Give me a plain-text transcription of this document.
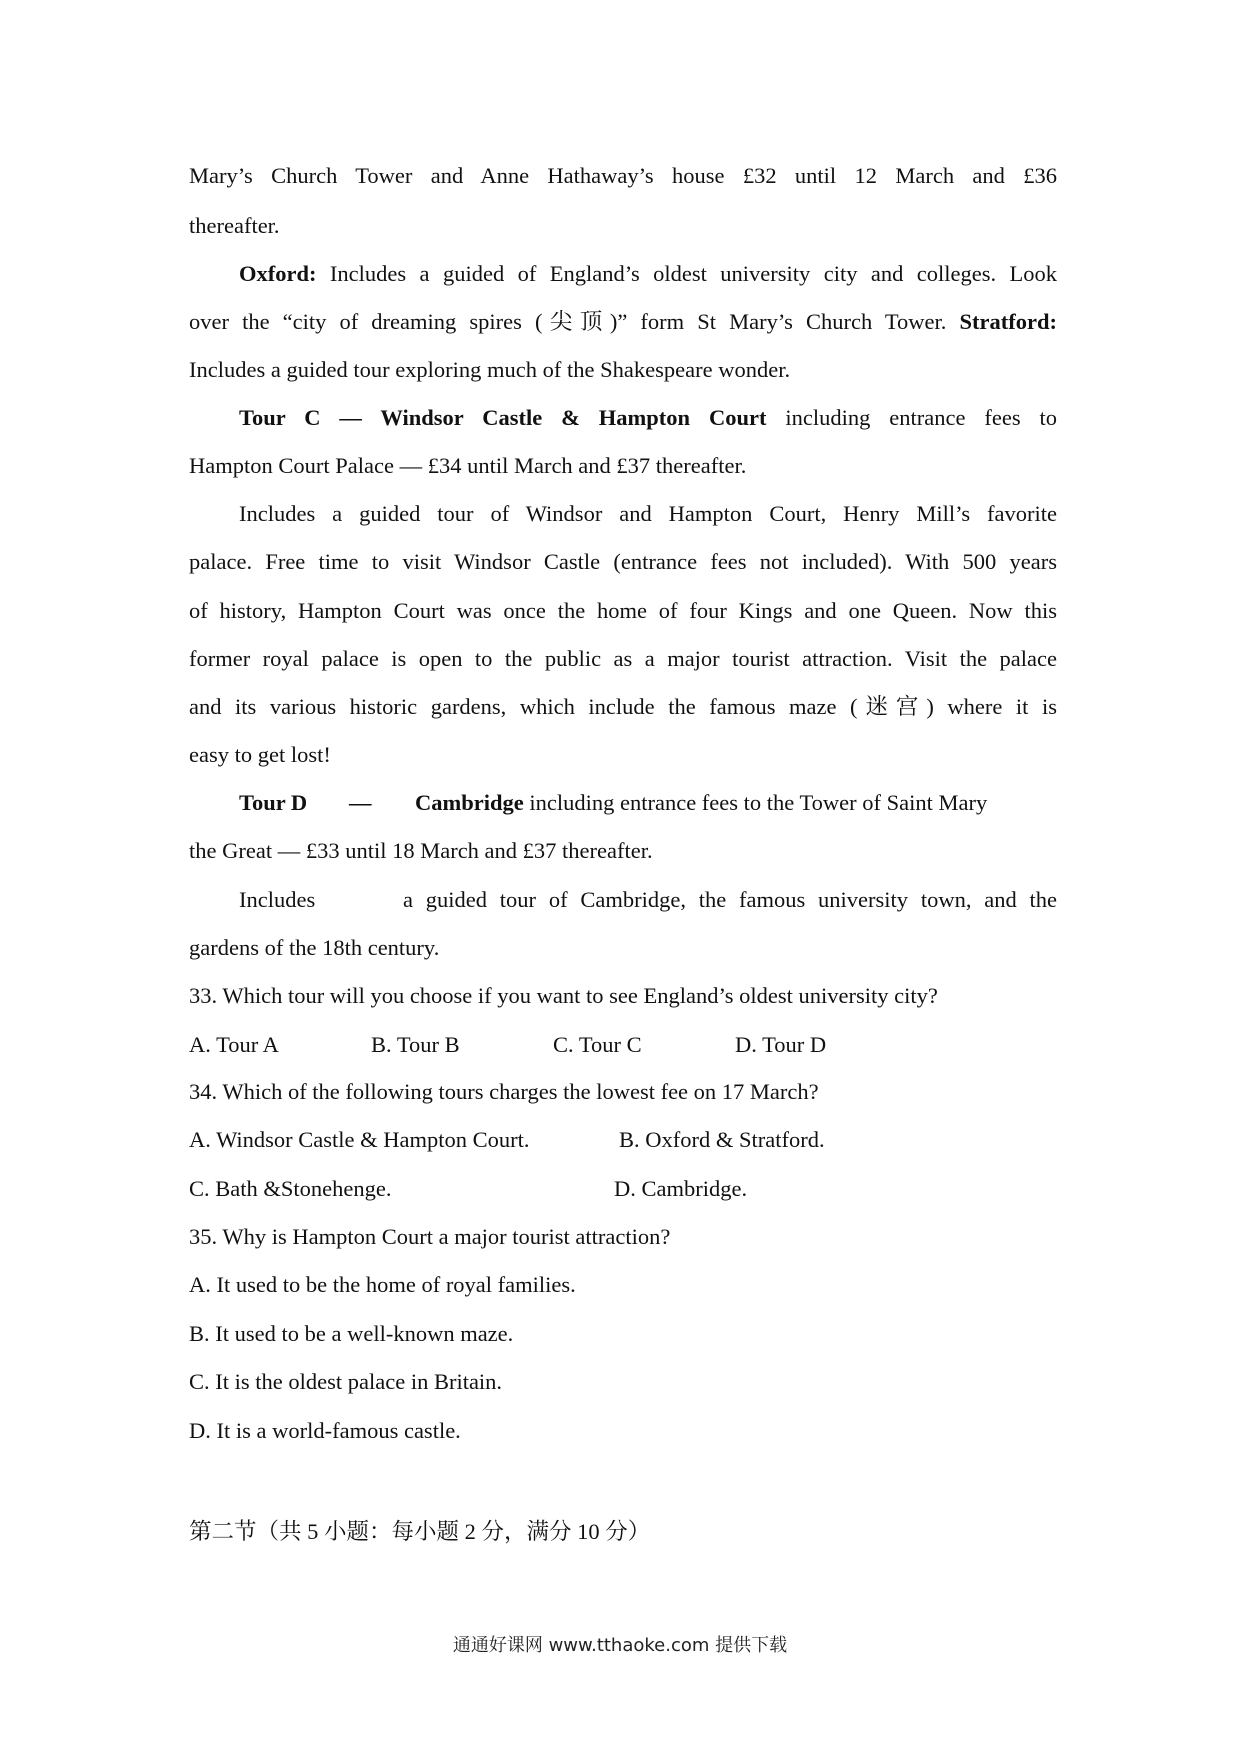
Mary’s Church Tower and Anne Hathaway’s house £32 until 12 March and £36
thereafter.
Oxford: Includes a guided of England’s oldest university city and colleges. Look
over the “city of dreaming spires (尖顶)” form St Mary’s Church Tower. Stratford:
Includes a guided tour exploring much of the Shakespeare wonder.
Tour C — Windsor Castle & Hampton Court including entrance fees to
Hampton Court Palace — £34 until March and £37 thereafter.
Includes a guided tour of Windsor and Hampton Court, Henry Mill’s favorite
palace. Free time to visit Windsor Castle (entrance fees not included). With 500 years
of history, Hampton Court was once the home of four Kings and one Queen. Now this
former royal palace is open to the public as a major tourist attraction. Visit the palace
and its various historic gardens, which include the famous maze (迷宫) where it is
easy to get lost!
Tour D — Cambridge including entrance fees to the Tower of Saint Mary
the Great — £33 until 18 March and £37 thereafter.
Includes	a guided tour of Cambridge, the famous university town, and the
gardens of the 18th century.
33. Which tour will you choose if you want to see England’s oldest university city?
A. Tour A	B. Tour B	C. Tour C	D. Tour D
34. Which of the following tours charges the lowest fee on 17 March?
A. Windsor Castle & Hampton Court.	B. Oxford & Stratford.
C. Bath &Stonehenge.	D. Cambridge.
35. Why is Hampton Court a major tourist attraction?
A. It used to be the home of royal families.
B. It used to be a well-known maze.
C. It is the oldest palace in Britain.
D. It is a world-famous castle.
第二节（共 5 小题：每小题 2 分，满分 10 分）
通通好课网 www.tthaoke.com 提供下载
